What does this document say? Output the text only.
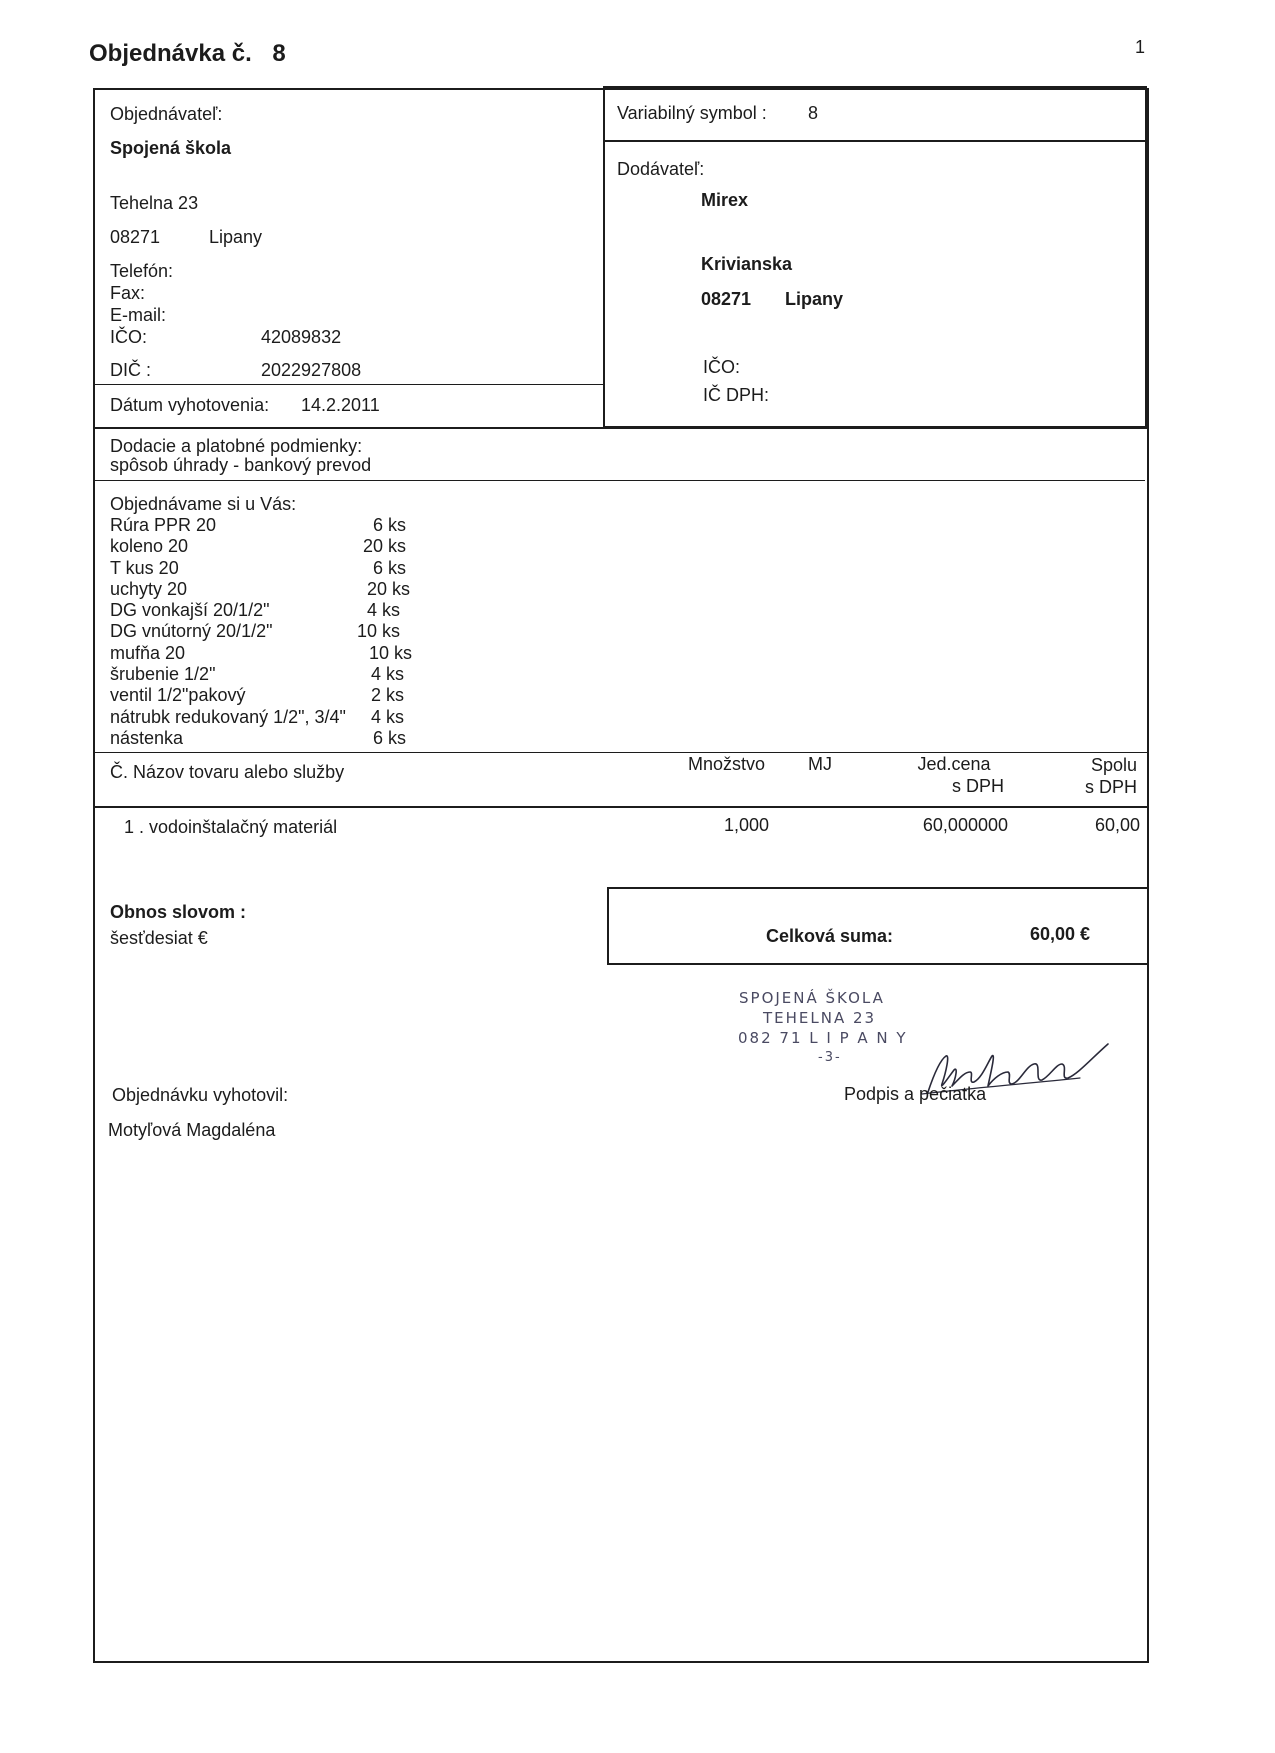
Objednávka č. 8	1
Objednávateľ:
Spojená škola
Tehelna 23
08271	Lipany
Telefón:
Fax:
E-mail:
IČO:	42089832
DIČ :	2022927808
Dátum vyhotovenia: 14.2.2011
Variabilný symbol : 8
Dodávateľ:
Mirex
Krivianska
08271 Lipany
IČO:
IČ DPH:
Dodacie a platobné podmienky:
spôsob úhrady - bankový prevod
Objednávame si u Vás:
Rúra PPR 20	6 ks
koleno 20	20 ks
T kus 20	6 ks
uchyty 20	20 ks
DG vonkajší 20/1/2"	4 ks
DG vnútorný 20/1/2"	10 ks
mufňa 20	10 ks
šrubenie 1/2"	4 ks
ventil 1/2"pakový	2 ks
nátrubk redukovaný 1/2", 3/4" 4 ks
nástenka	6 ks
Č. Názov tovaru alebo služby	Množstvo MJ	Jed.cena
s DPH
Spolu
s DPH
1 . vodoinštalačný materiál	1,000	60,000000	60,00
Obnos slovom :
šesťdesiat €	Celková suma:	60,00 €
SPOJENÁ ŠKOLA
TEHELNA 23
082 71 L I P A N Y
-3-
Podpis a pečiatka
Objednávku vyhotovil:
Motyľová Magdaléna
